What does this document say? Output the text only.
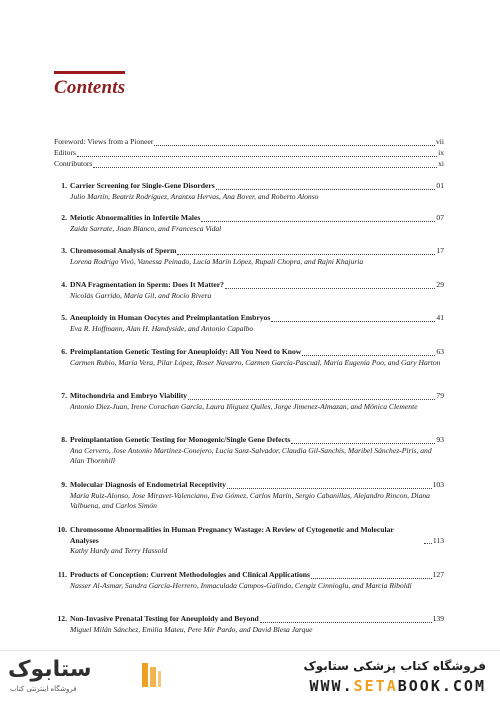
Contents
Foreword: Views from a Pioneer	vii
Editors	ix
Contributors	xi
1. Carrier Screening for Single-Gene Disorders	01
Julio Martín, Beatriz Rodríguez, Arantxa Hervas, Ana Bover, and Roberto Alonso
2. Meiotic Abnormalities in Infertile Males	07
Zaida Sarrate, Joan Blanco, and Francesca Vidal
3. Chromosomal Analysis of Sperm	17
Lorena Rodrigo Vivó, Vanessa Peinado, Lucía Marín López, Rupali Chopra, and Rajni Khajuria
4. DNA Fragmentation in Sperm: Does It Matter?	29
Nicolás Garrido, María Gil, and Rocío Rivera
5. Aneuploidy in Human Oocytes and Preimplantation Embryos	41
Eva R. Hoffmann, Alan H. Handyside, and Antonio Capalbo
6. Preimplantation Genetic Testing for Aneuploidy: All You Need to Know	63
Carmen Rubio, María Vera, Pilar López, Roser Navarro, Carmen García-Pascual, María Eugenia Poo, and Gary Harton
7. Mitochondria and Embryo Viability	79
Antonio Diez-Juan, Irene Corachan García, Laura Iñiguez Quiles, Jorge Jimenez-Almazan, and Mónica Clemente
8. Preimplantation Genetic Testing for Monogenic/Single Gene Defects	93
Ana Cervero, Jose Antonio Martínez-Conejero, Lucía Sanz-Salvador, Claudia Gil-Sanchís, Maribel Sánchez-Piris, and Alan Thornhill
9. Molecular Diagnosis of Endometrial Receptivity	103
María Ruiz-Alonso, Jose Miravet-Valenciano, Eva Gómez, Carlos Marín, Sergio Cabanillas, Alejandro Rincon, Diana Valbuena, and Carlos Simón
10. Chromosome Abnormalities in Human Pregnancy Wastage: A Review of Cytogenetic and Molecular Analyses	113
Kathy Hardy and Terry Hassold
11. Products of Conception: Current Methodologies and Clinical Applications	127
Nasser Al-Asmar, Sandra García-Herrero, Inmaculada Campos-Galindo, Cengiz Cinnioglu, and Marcia Riboldi
12. Non-Invasive Prenatal Testing for Aneuploidy and Beyond	139
Miguel Milán Sánchez, Emilia Mateu, Pere Mir Pardo, and David Blesa Jarque
ستابوک
فروشگاه اینترنتی کتاب
فروشگاه کتاب پزشکی ستابوک
WWW.SETABOOK.COM
